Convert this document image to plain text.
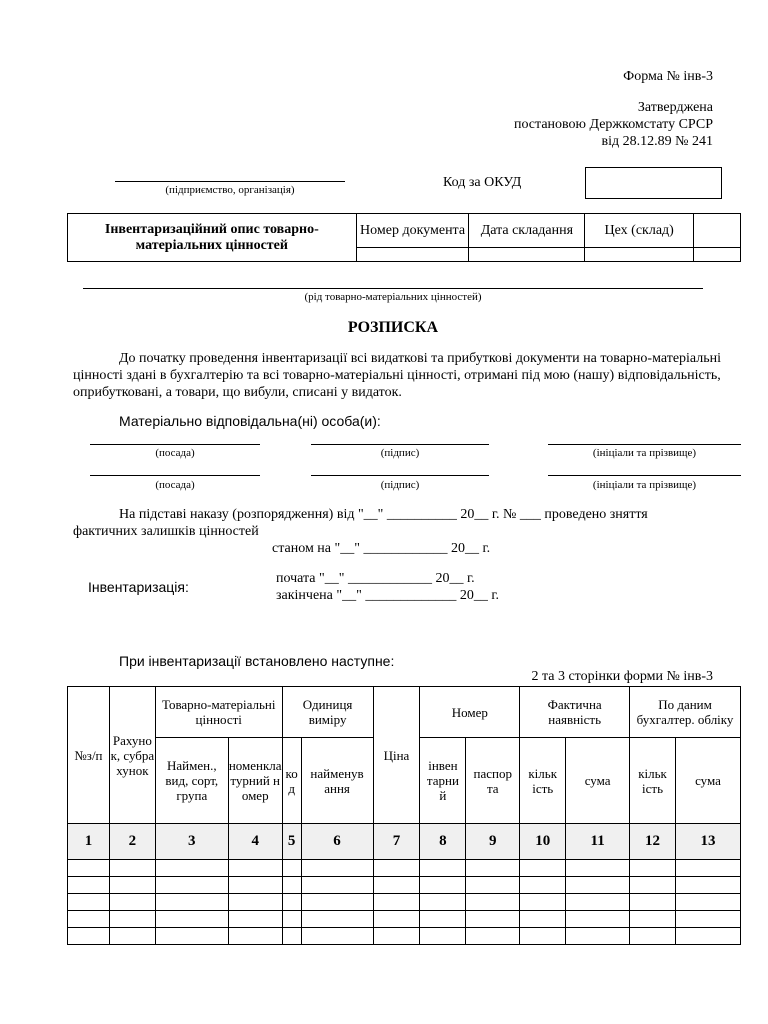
Форма № інв-3
Затверджена
постановою Держкомстату СРСР
від 28.12.89 № 241
(підприємство, організація)	Код за ОКУД
Інвентаризаційний опис товарно-матеріальних цінностей	Номер документа	Дата складання	Цех (склад)	

(рід товарно-матеріальних цінностей)
РОЗПИСКА
До початку проведення інвентаризації всі видаткові та прибуткові документи на товарно-матеріальні цінності здані в бухгалтерію та всі товарно-матеріальні цінності, отримані під мою (нашу) відповідальність, оприбутковані, а товари, що вибули, списані у видаток.
Матеріально відповідальна(ні) особа(и):
(посада)	(підпис)	(ініціали та прізвище)
(посада)	(підпис)	(ініціали та прізвище)
На підставі наказу (розпорядження) від "__" __________ 20__ г. № ___ проведено зняття
фактичних залишків цінностей
станом на "__" ____________ 20__ г.
Інвентаризація:
почата "__" ____________ 20__ г.
закінчена "__" _____________ 20__ г.
При інвентаризації встановлено наступне:
2 та 3 сторінки форми № інв-3
№з/п	Рахунок, субрахунок	Товарно-матеріальні цінності		Одиниця виміру		Ціна	Номер		Фактична наявність		По даним бухгалтер. обліку	
		Наймен., вид, сорт, група	номенклатурний номер	код	найменування		інвентарний	паспорта	кількість	сума	кількість	сума
1	2	3	4	5	6	7	8	9	10	11	12	13
